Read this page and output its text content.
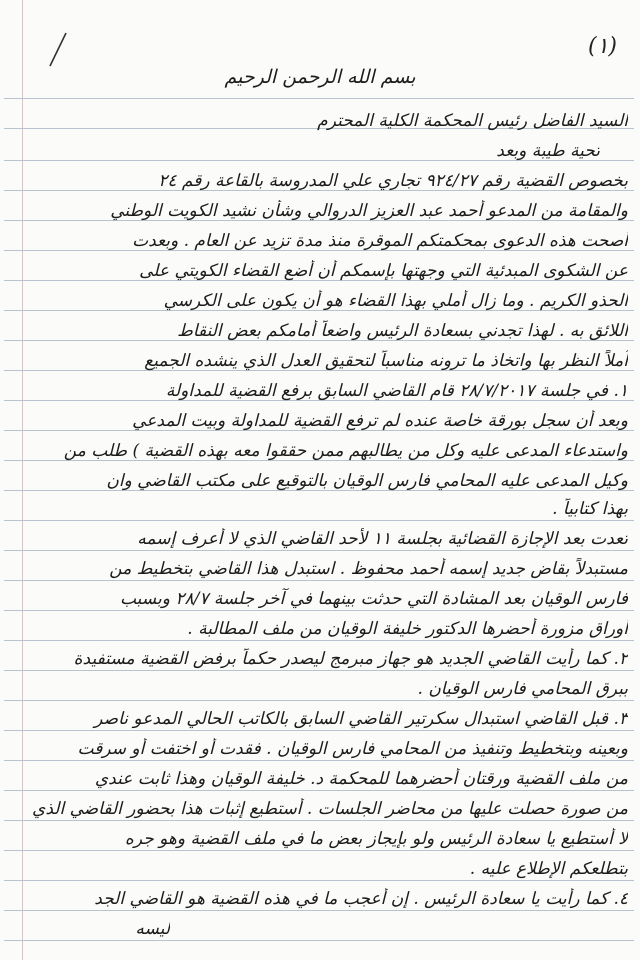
(١)
بسم الله الرحمن الرحيم
السيد الفاضل رئيس المحكمة الكلية المحترم
تحية طيبة وبعد
بخصوص القضية رقم ٩٢٤/٢٧ تجاري علي المدروسة بالقاعة رقم ٢٤
والمقامة من المدعو أحمد عبد العزيز الدروالي وشأن نشيد الكويت الوطني
أصحت هذه الدعوى بمحكمتكم الموقرة منذ مدة تزيد عن العام . وبعدت
عن الشكوى المبدئية التي وجهتها بإسمكم أن أضع القضاء الكويتي على
الحذو الكريم . وما زال أملي بهذا القضاء هو أن يكون على الكرسي
اللائق به . لهذا تجدني بسعادة الرئيس واضعاً أمامكم بعض النقاط
آملاً النظر بها واتخاذ ما ترونه مناسباً لتحقيق العدل الذي ينشده الجميع
١. في جلسة ٢٨/٧/٢٠١٧ قام القاضي السابق برفع القضية للمداولة
وبعد أن سجل بورقة خاصة عنده لم ترفع القضية للمداولة وبيت المدعي
واستدعاء المدعى عليه وكل من يطالبهم ممن حققوا معه بهذه القضية ) طلب من
وكيل المدعى عليه المحامي فارس الوقيان بالتوقيع على مكتب القاضي وان
بهذا كتابياً .
تعدت بعد الإجازة القضائية بجلسة ١١ لأحد القاضي الذي لا أعرف إسمه
مستبدلاً بقاضٍ جديد إسمه أحمد محفوظ . استبدل هذا القاضي بتخطيط من
فارس الوقيان بعد المشادة التي حدثت بينهما في آخر جلسة ٢٨/٧ وبسبب
أوراق مزورة أحضرها الدكتور خليفة الوقيان من ملف المطالبة .
٢. كما رأيت القاضي الجديد هو جهاز مبرمج ليصدر حكماً برفض القضية مستفيدة
ببرق المحامي فارس الوقيان .
٣. قبل القاضي استبدال سكرتير القاضي السابق بالكاتب الحالي المدعو ناصر
وبعينه وبتخطيط وتنفيذ من المحامي فارس الوقيان . فقدت أو اختفت أو سرقت
من ملف القضية ورقتان أحضرهما للمحكمة د. خليفة الوقيان وهذا ثابت عندي
من صورة حصلت عليها من محاضر الجلسات . أستطيع إثبات هذا بحضور القاضي الذي
لا أستطيع يا سعادة الرئيس ولو بإيجاز بعض ما في ملف القضية وهو جره
بتطلعكم الإطلاع عليه .
٤. كما رأيت يا سعادة الرئيس . إن أعجب ما في هذه القضية هو القاضي الجد
ليسه
